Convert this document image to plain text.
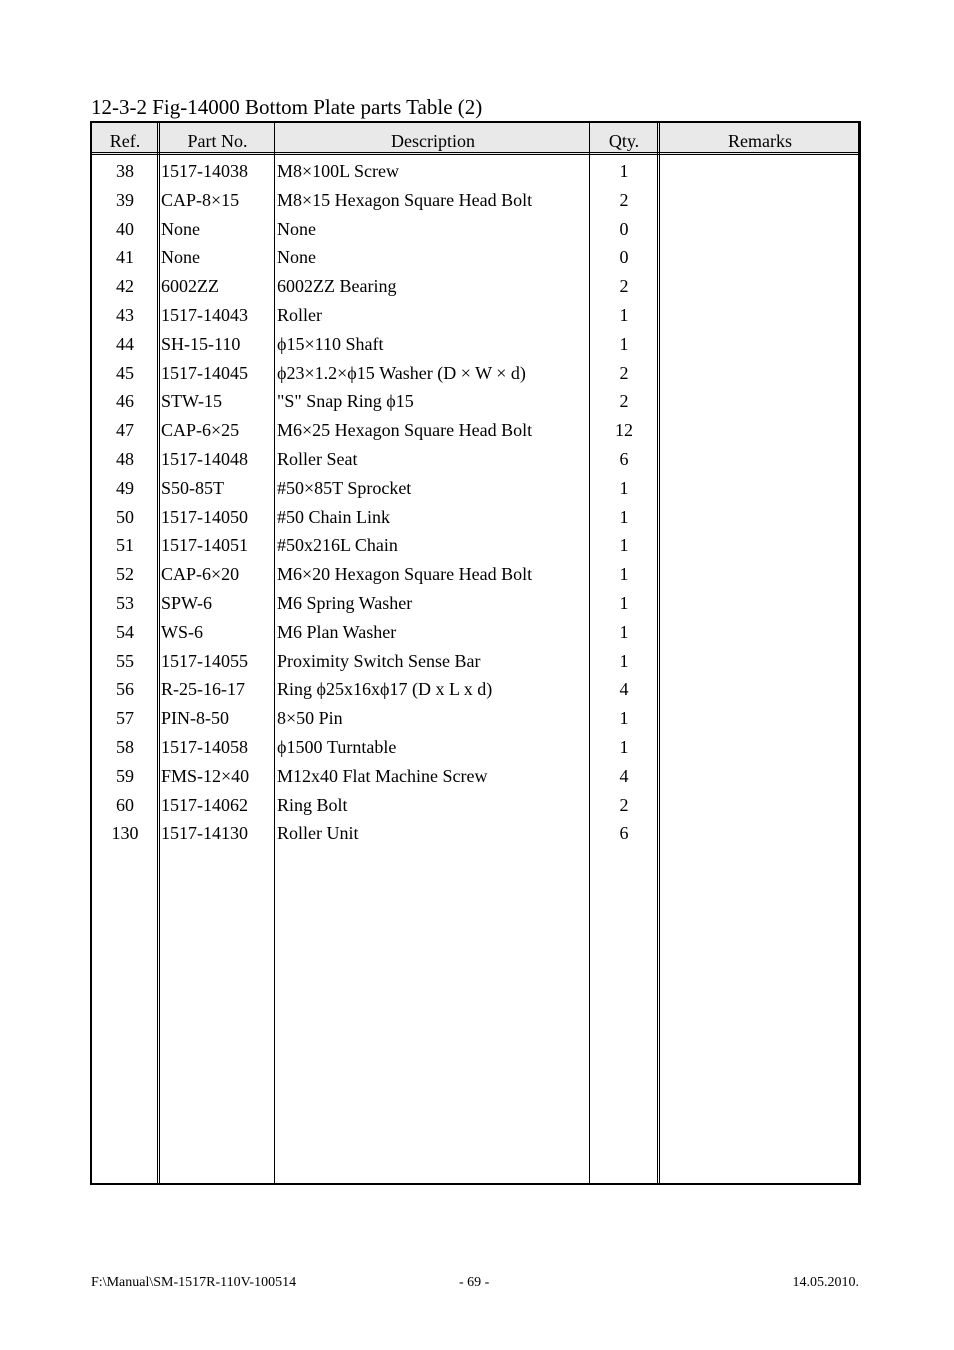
12-3-2 Fig-14000 Bottom Plate parts Table (2)
Ref.	Part No.	Description	Qty.	Remarks
38	1517-14038	M8×100L Screw	1
39	CAP-8×15	M8×15 Hexagon Square Head Bolt	2
40	None	None	0
41	None	None	0
42	6002ZZ	6002ZZ Bearing	2
43	1517-14043	Roller	1
44	SH-15-110	ϕ15×110 Shaft	1
45	1517-14045	ϕ23×1.2×ϕ15 Washer (D × W × d)	2
46	STW-15	"S" Snap Ring ϕ15	2
47	CAP-6×25	M6×25 Hexagon Square Head Bolt	12
48	1517-14048	Roller Seat	6
49	S50-85T	#50×85T Sprocket	1
50	1517-14050	#50 Chain Link	1
51	1517-14051	#50x216L Chain	1
52	CAP-6×20	M6×20 Hexagon Square Head Bolt	1
53	SPW-6	M6 Spring Washer	1
54	WS-6	M6 Plan Washer	1
55	1517-14055	Proximity Switch Sense Bar	1
56	R-25-16-17	Ring ϕ25x16xϕ17 (D x L x d)	4
57	PIN-8-50	8×50 Pin	1
58	1517-14058	ϕ1500 Turntable	1
59	FMS-12×40	M12x40 Flat Machine Screw	4
60	1517-14062	Ring Bolt	2
130	1517-14130	Roller Unit	6
F:\Manual\SM-1517R-110V-100514	- 69 -	14.05.2010.
